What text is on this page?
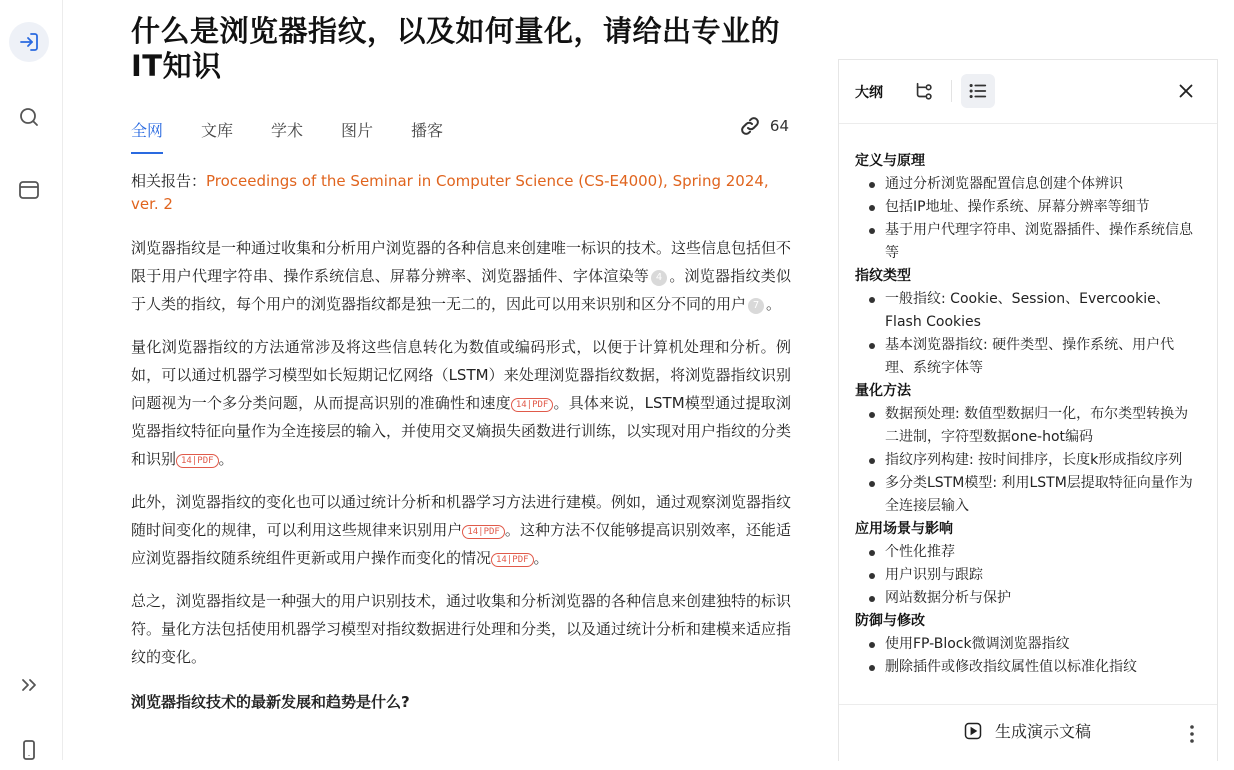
什么是浏览器指纹，以及如何量化，请给出专业的IT知识
全网 文库 学术 图片 播客	64
相关报告：Proceedings of the Seminar in Computer Science (CS-E4000), Spring 2024, ver. 2

浏览器指纹是一种通过收集和分析用户浏览器的各种信息来创建唯一标识的技术。这些信息包括但不限于用户代理字符串、操作系统信息、屏幕分辨率、浏览器插件、字体渲染等 4 。浏览器指纹类似于人类的指纹，每个用户的浏览器指纹都是独一无二的，因此可以用来识别和区分不同的用户 7 。

量化浏览器指纹的方法通常涉及将这些信息转化为数值或编码形式，以便于计算机处理和分析。例如，可以通过机器学习模型如长短期记忆网络（LSTM）来处理浏览器指纹数据，将浏览器指纹识别问题视为一个多分类问题，从而提高识别的准确性和速度 14|PDF 。具体来说，LSTM模型通过提取浏览器指纹特征向量作为全连接层的输入，并使用交叉熵损失函数进行训练，以实现对用户指纹的分类和识别 14|PDF 。

此外，浏览器指纹的变化也可以通过统计分析和机器学习方法进行建模。例如，通过观察浏览器指纹随时间变化的规律，可以利用这些规律来识别用户 14|PDF 。这种方法不仅能够提高识别效率，还能适应浏览器指纹随系统组件更新或用户操作而变化的情况 14|PDF 。

总之，浏览器指纹是一种强大的用户识别技术，通过收集和分析浏览器的各种信息来创建独特的标识符。量化方法包括使用机器学习模型对指纹数据进行处理和分类，以及通过统计分析和建模来适应指纹的变化。

浏览器指纹技术的最新发展和趋势是什么?
大纲
定义与原理
通过分析浏览器配置信息创建个体辨识
包括IP地址、操作系统、屏幕分辨率等细节
基于用户代理字符串、浏览器插件、操作系统信息等
指纹类型
一般指纹: Cookie、Session、Evercookie、Flash Cookies
基本浏览器指纹: 硬件类型、操作系统、用户代理、系统字体等
量化方法
数据预处理: 数值型数据归一化，布尔类型转换为二进制，字符型数据one-hot编码
指纹序列构建: 按时间排序，长度k形成指纹序列
多分类LSTM模型: 利用LSTM层提取特征向量作为全连接层输入
应用场景与影响
个性化推荐
用户识别与跟踪
网站数据分析与保护
防御与修改
使用FP-Block微调浏览器指纹
删除插件或修改指纹属性值以标准化指纹
生成演示文稿
